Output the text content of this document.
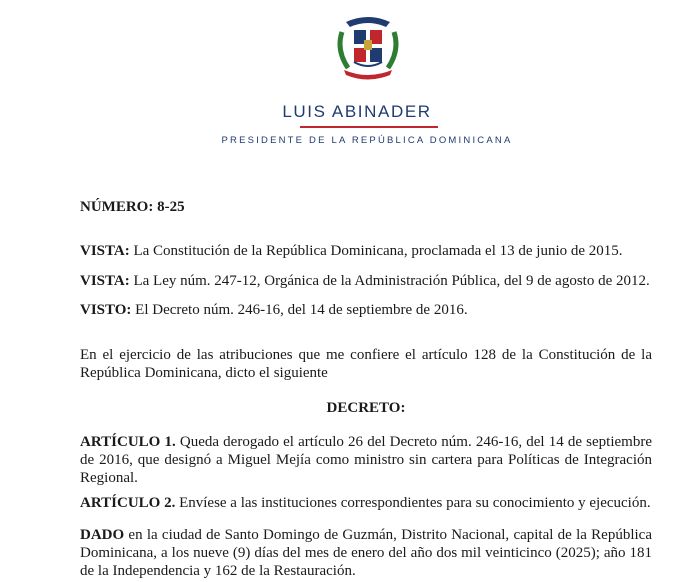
LUIS ABINADER
PRESIDENTE DE LA REPÚBLICA DOMINICANA
NÚMERO: 8-25
VISTA: La Constitución de la República Dominicana, proclamada el 13 de junio de 2015.
VISTA: La Ley núm. 247-12, Orgánica de la Administración Pública, del 9 de agosto de 2012.
VISTO: El Decreto núm. 246-16, del 14 de septiembre de 2016.
En el ejercicio de las atribuciones que me confiere el artículo 128 de la Constitución de la República Dominicana, dicto el siguiente
DECRETO:
ARTÍCULO 1. Queda derogado el artículo 26 del Decreto núm. 246-16, del 14 de septiembre de 2016, que designó a Miguel Mejía como ministro sin cartera para Políticas de Integración Regional.
ARTÍCULO 2. Envíese a las instituciones correspondientes para su conocimiento y ejecución.
DADO en la ciudad de Santo Domingo de Guzmán, Distrito Nacional, capital de la República Dominicana, a los nueve (9) días del mes de enero del año dos mil veinticinco (2025); año 181 de la Independencia y 162 de la Restauración.
